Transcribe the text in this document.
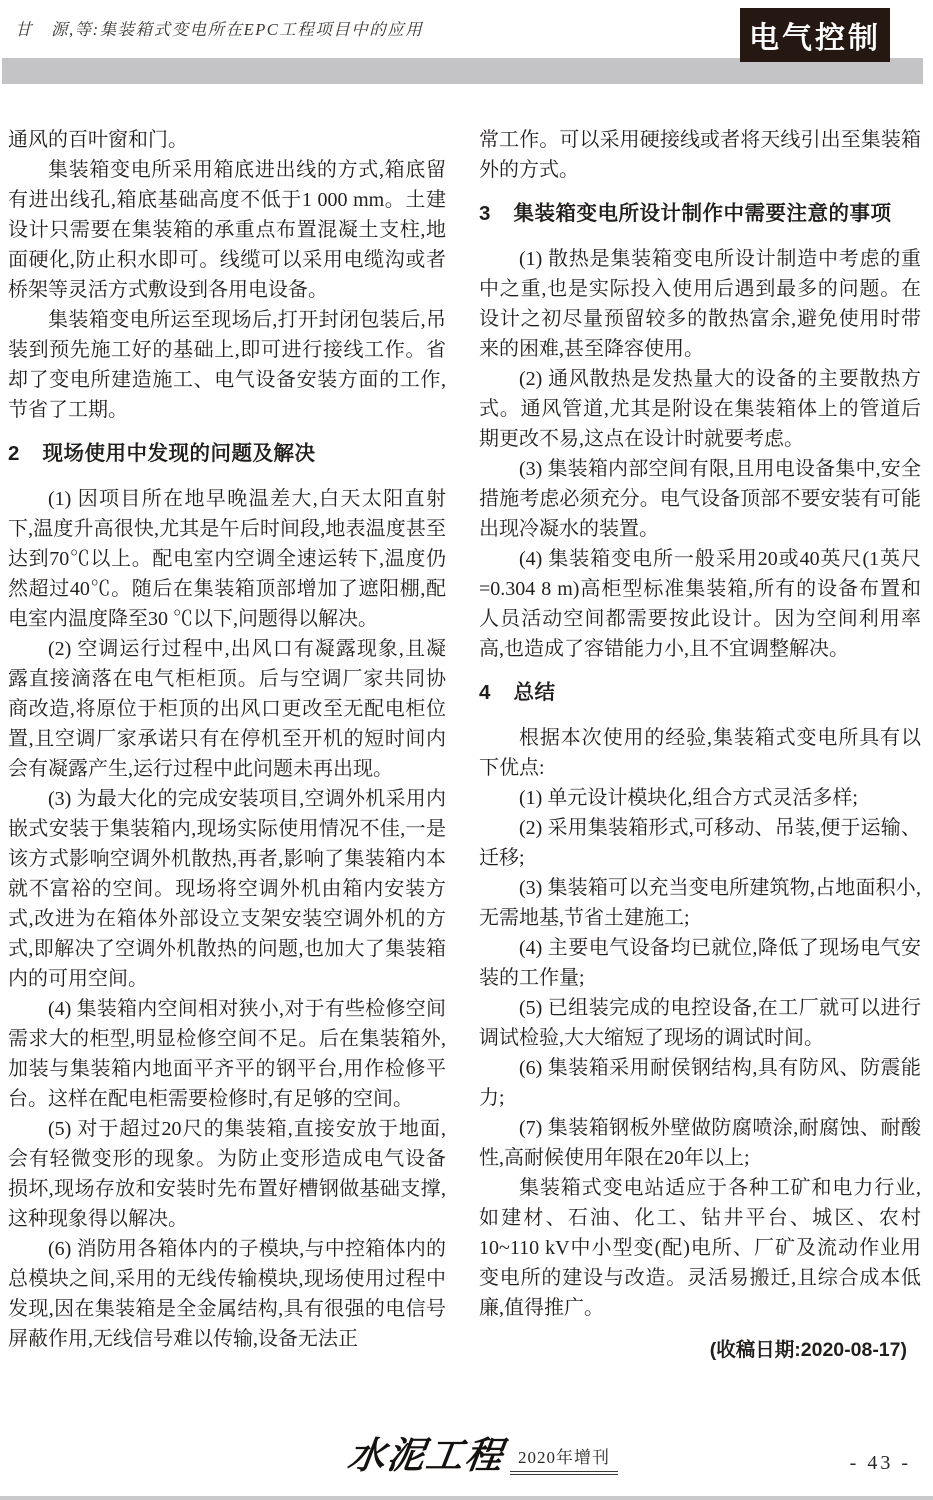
甘　源,等:集装箱式变电所在EPC工程项目中的应用	电气控制

通风的百叶窗和门。

集装箱变电所采用箱底进出线的方式,箱底留有进出线孔,箱底基础高度不低于1 000 mm。土建设计只需要在集装箱的承重点布置混凝土支柱,地面硬化,防止积水即可。线缆可以采用电缆沟或者桥架等灵活方式敷设到各用电设备。

集装箱变电所运至现场后,打开封闭包装后,吊装到预先施工好的基础上,即可进行接线工作。省却了变电所建造施工、电气设备安装方面的工作,节省了工期。

2 现场使用中发现的问题及解决

(1) 因项目所在地早晚温差大,白天太阳直射下,温度升高很快,尤其是午后时间段,地表温度甚至达到70℃以上。配电室内空调全速运转下,温度仍然超过40℃。随后在集装箱顶部增加了遮阳棚,配电室内温度降至30 ℃以下,问题得以解决。

(2) 空调运行过程中,出风口有凝露现象,且凝露直接滴落在电气柜柜顶。后与空调厂家共同协商改造,将原位于柜顶的出风口更改至无配电柜位置,且空调厂家承诺只有在停机至开机的短时间内会有凝露产生,运行过程中此问题未再出现。

(3) 为最大化的完成安装项目,空调外机采用内嵌式安装于集装箱内,现场实际使用情况不佳,一是该方式影响空调外机散热,再者,影响了集装箱内本就不富裕的空间。现场将空调外机由箱内安装方式,改进为在箱体外部设立支架安装空调外机的方式,即解决了空调外机散热的问题,也加大了集装箱内的可用空间。

(4) 集装箱内空间相对狭小,对于有些检修空间需求大的柜型,明显检修空间不足。后在集装箱外,加装与集装箱内地面平齐平的钢平台,用作检修平台。这样在配电柜需要检修时,有足够的空间。

(5) 对于超过20尺的集装箱,直接安放于地面,会有轻微变形的现象。为防止变形造成电气设备损坏,现场存放和安装时先布置好槽钢做基础支撑,这种现象得以解决。

(6) 消防用各箱体内的子模块,与中控箱体内的总模块之间,采用的无线传输模块,现场使用过程中发现,因在集装箱是全金属结构,具有很强的电信号屏蔽作用,无线信号难以传输,设备无法正

常工作。可以采用硬接线或者将天线引出至集装箱外的方式。

3 集装箱变电所设计制作中需要注意的事项

(1) 散热是集装箱变电所设计制造中考虑的重中之重,也是实际投入使用后遇到最多的问题。在设计之初尽量预留较多的散热富余,避免使用时带来的困难,甚至降容使用。

(2) 通风散热是发热量大的设备的主要散热方式。通风管道,尤其是附设在集装箱体上的管道后期更改不易,这点在设计时就要考虑。

(3) 集装箱内部空间有限,且用电设备集中,安全措施考虑必须充分。电气设备顶部不要安装有可能出现冷凝水的装置。

(4) 集装箱变电所一般采用20或40英尺(1英尺=0.304 8 m)高柜型标准集装箱,所有的设备布置和人员活动空间都需要按此设计。因为空间利用率高,也造成了容错能力小,且不宜调整解决。

4 总结

根据本次使用的经验,集装箱式变电所具有以下优点:

(1) 单元设计模块化,组合方式灵活多样;

(2) 采用集装箱形式,可移动、吊装,便于运输、迁移;

(3) 集装箱可以充当变电所建筑物,占地面积小,无需地基,节省土建施工;

(4) 主要电气设备均已就位,降低了现场电气安装的工作量;

(5) 已组装完成的电控设备,在工厂就可以进行调试检验,大大缩短了现场的调试时间。

(6) 集装箱采用耐侯钢结构,具有防风、防震能力;

(7) 集装箱钢板外壁做防腐喷涂,耐腐蚀、耐酸性,高耐候使用年限在20年以上;

集装箱式变电站适应于各种工矿和电力行业,如建材、石油、化工、钻井平台、城区、农村10~110 kV中小型变(配)电所、厂矿及流动作业用变电所的建设与改造。灵活易搬迁,且综合成本低廉,值得推广。

(收稿日期:2020-08-17)

水泥工程 2020年增刊	- 43 -
